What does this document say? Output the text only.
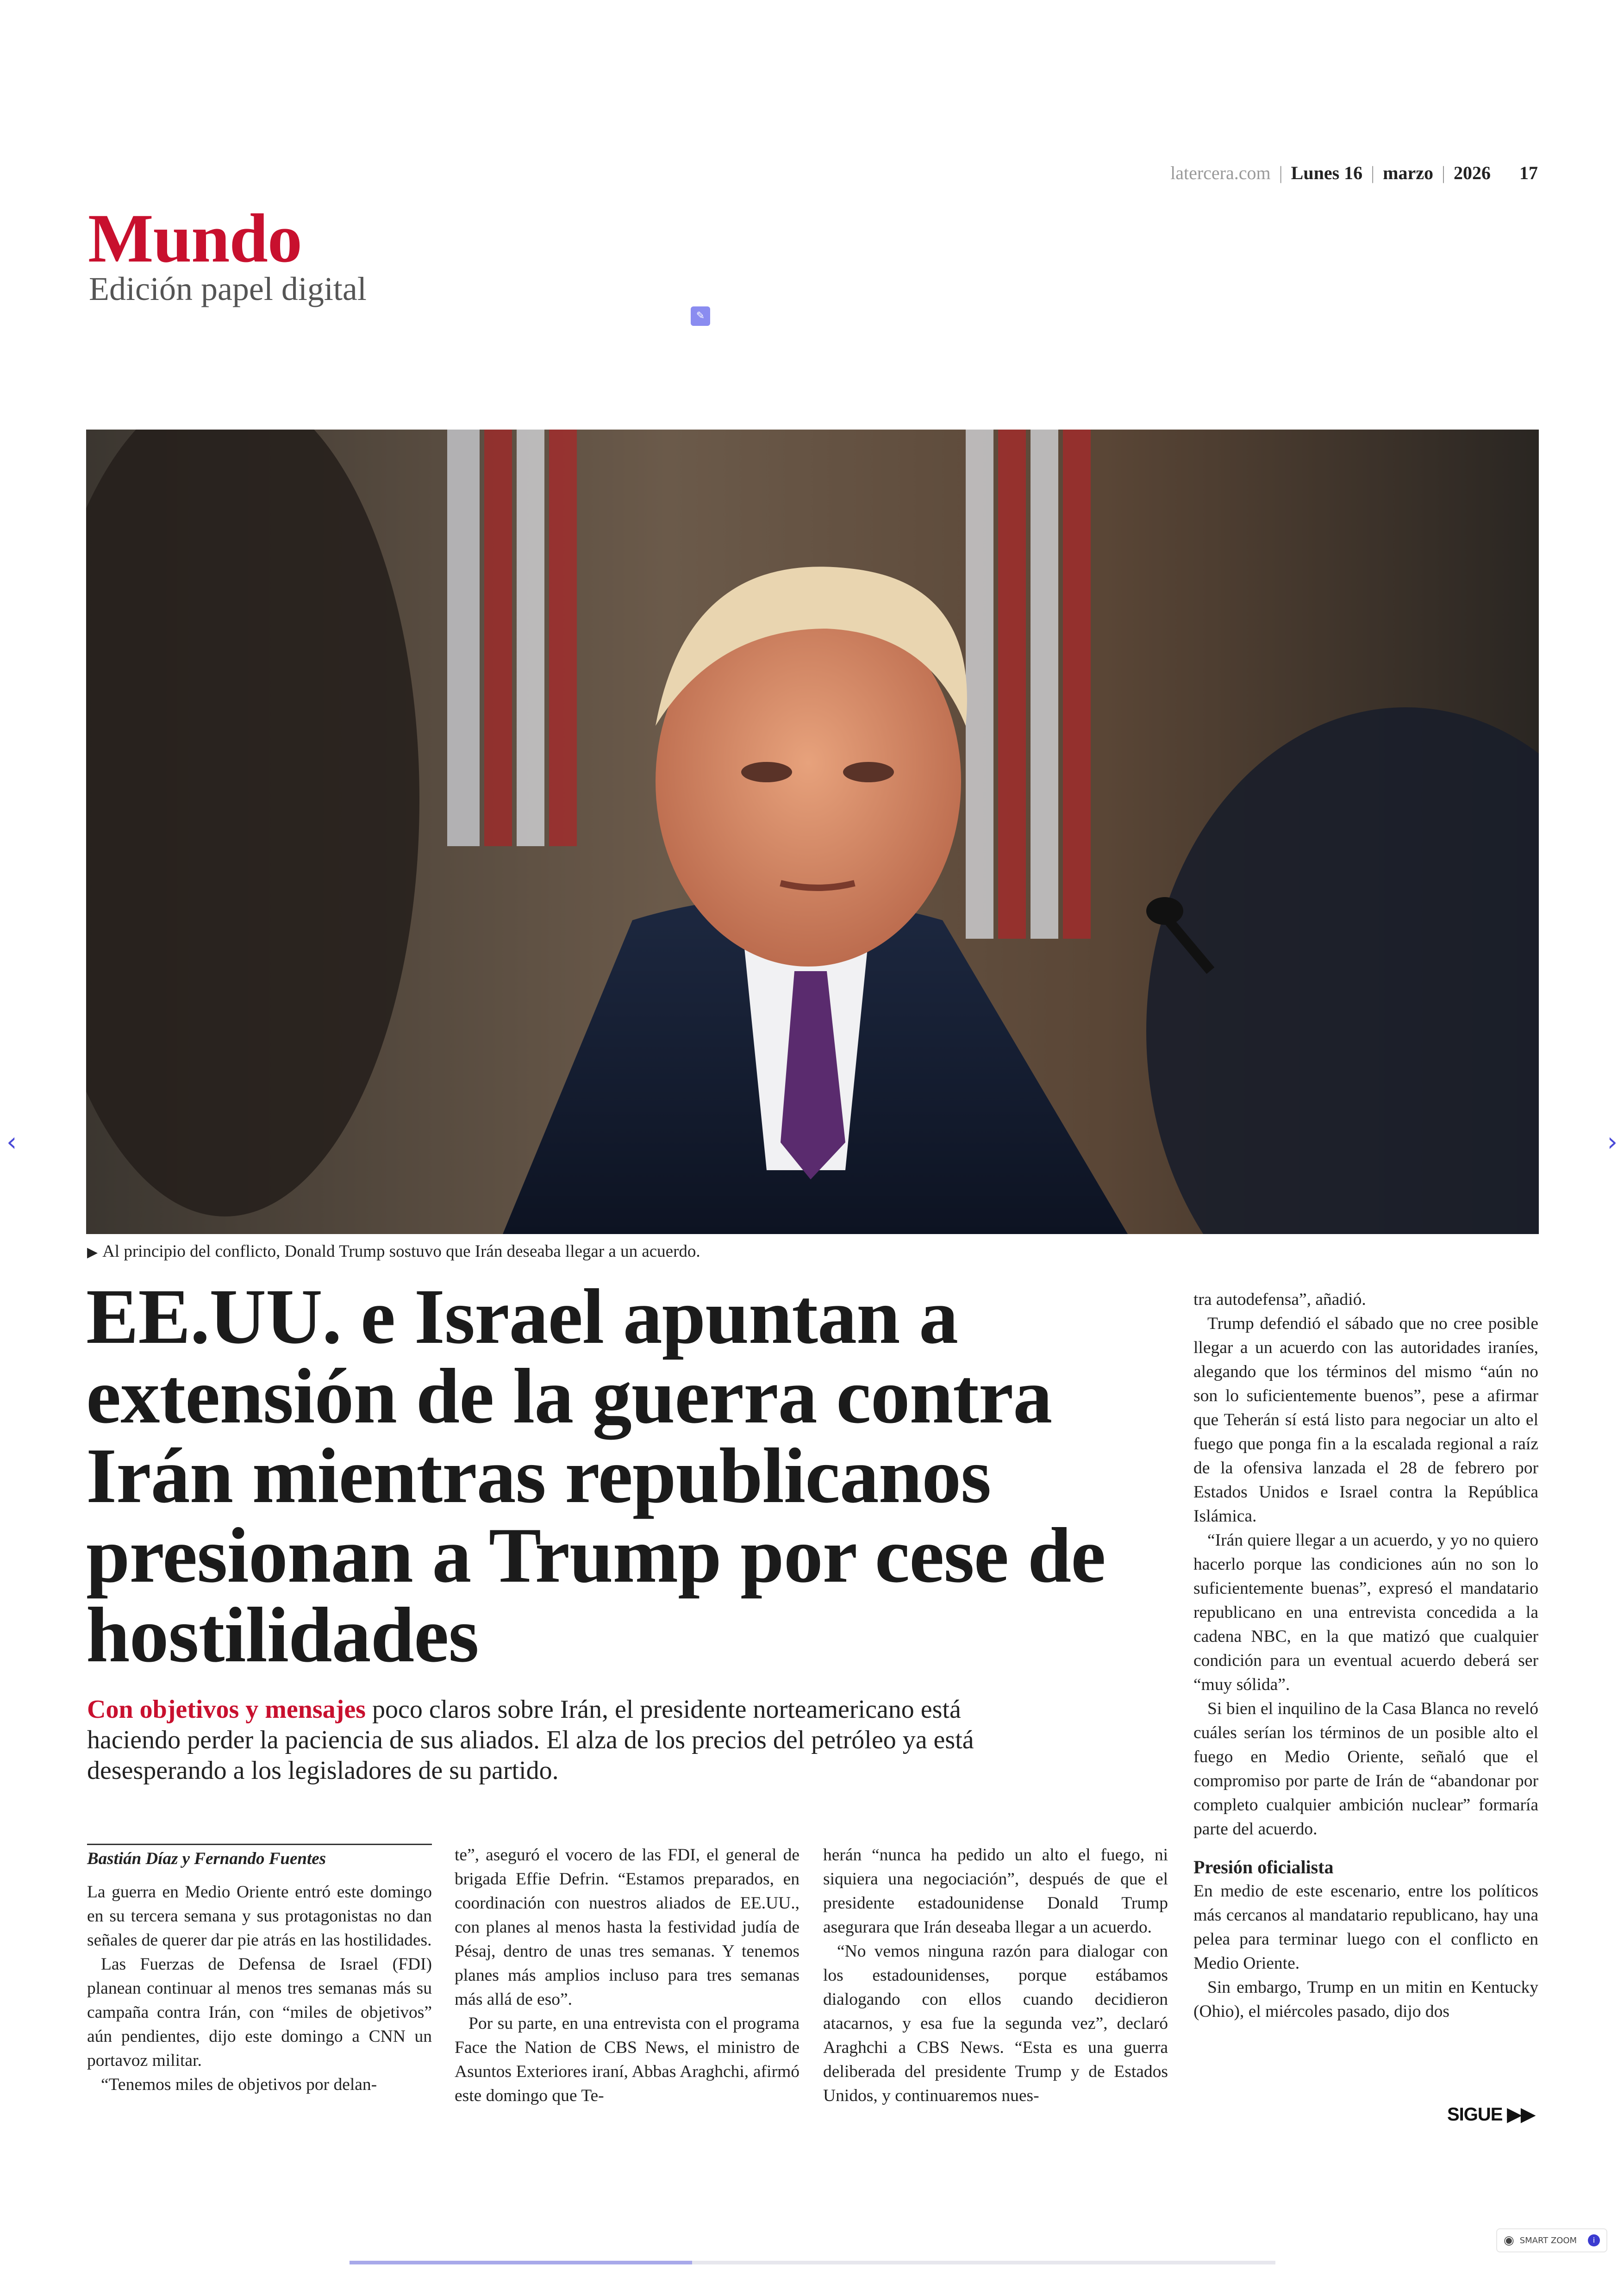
latercera.com | Lunes 16 | marzo | 2026 17
Mundo
Edición papel digital
✎
▶ Al principio del conflicto, Donald Trump sostuvo que Irán deseaba llegar a un acuerdo.
‹	›
EE.UU. e Israel apuntan a extensión de la guerra contra Irán mientras republicanos presionan a Trump por cese de hostilidades
Con objetivos y mensajes poco claros sobre Irán, el presidente norteamericano está haciendo perder la paciencia de sus aliados. El alza de los precios del petróleo ya está desesperando a los legisladores de su partido.
Bastián Díaz y Fernando Fuentes

La guerra en Medio Oriente entró este domingo en su tercera semana y sus protagonistas no dan señales de querer dar pie atrás en las hostilidades.

Las Fuerzas de Defensa de Israel (FDI) planean continuar al menos tres semanas más su campaña contra Irán, con “miles de objetivos” aún pendientes, dijo este domingo a CNN un portavoz militar.

“Tenemos miles de objetivos por delan-

te”, aseguró el vocero de las FDI, el general de brigada Effie Defrin. “Estamos preparados, en coordinación con nuestros aliados de EE.UU., con planes al menos hasta la festividad judía de Pésaj, dentro de unas tres semanas. Y tenemos planes más amplios incluso para tres semanas más allá de eso”.

Por su parte, en una entrevista con el programa Face the Nation de CBS News, el ministro de Asuntos Exteriores iraní, Abbas Araghchi, afirmó este domingo que Te-

herán “nunca ha pedido un alto el fuego, ni siquiera una negociación”, después de que el presidente estadounidense Donald Trump asegurara que Irán deseaba llegar a un acuerdo.

“No vemos ninguna razón para dialogar con los estadounidenses, porque estábamos dialogando con ellos cuando decidieron atacarnos, y esa fue la segunda vez”, declaró Araghchi a CBS News. “Esta es una guerra deliberada del presidente Trump y de Estados Unidos, y continuaremos nues-

tra autodefensa”, añadió.

Trump defendió el sábado que no cree posible llegar a un acuerdo con las autoridades iraníes, alegando que los términos del mismo “aún no son lo suficientemente buenos”, pese a afirmar que Teherán sí está listo para negociar un alto el fuego que ponga fin a la escalada regional a raíz de la ofensiva lanzada el 28 de febrero por Estados Unidos e Israel contra la República Islámica.

“Irán quiere llegar a un acuerdo, y yo no quiero hacerlo porque las condiciones aún no son lo suficientemente buenas”, expresó el mandatario republicano en una entrevista concedida a la cadena NBC, en la que matizó que cualquier condición para un eventual acuerdo deberá ser “muy sólida”.

Si bien el inquilino de la Casa Blanca no reveló cuáles serían los términos de un posible alto el fuego en Medio Oriente, señaló que el compromiso por parte de Irán de “abandonar por completo cualquier ambición nuclear” formaría parte del acuerdo.

Presión oficialista

En medio de este escenario, entre los políticos más cercanos al mandatario republicano, hay una pelea para terminar luego con el conflicto en Medio Oriente.

Sin embargo, Trump en un mitin en Kentucky (Ohio), el miércoles pasado, dijo dos

SIGUE ▶▶
◉ SMART ZOOM	i
